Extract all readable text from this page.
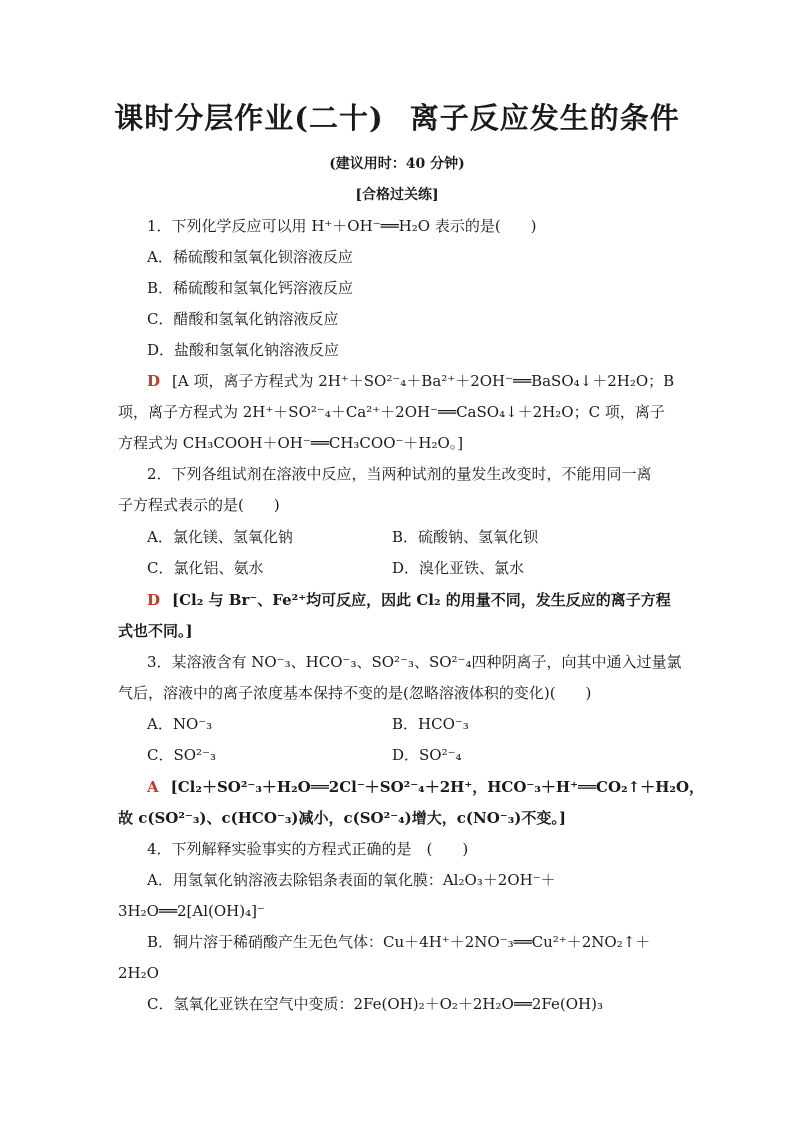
课时分层作业(二十) 离子反应发生的条件
(建议用时：40 分钟)
[合格过关练]
1．下列化学反应可以用 H⁺＋OH⁻══H₂O 表示的是(　　)
A．稀硫酸和氢氧化钡溶液反应
B．稀硫酸和氢氧化钙溶液反应
C．醋酸和氢氧化钠溶液反应
D．盐酸和氢氧化钠溶液反应
D [A 项，离子方程式为 2H⁺＋SO²⁻₄＋Ba²⁺＋2OH⁻══BaSO₄↓＋2H₂O；B
项，离子方程式为 2H⁺＋SO²⁻₄＋Ca²⁺＋2OH⁻══CaSO₄↓＋2H₂O；C 项，离子
方程式为 CH₃COOH＋OH⁻══CH₃COO⁻＋H₂O。]
2．下列各组试剂在溶液中反应，当两种试剂的量发生改变时，不能用同一离
子方程式表示的是(　　)
A．氯化镁、氢氧化钠	B．硫酸钠、氢氧化钡
C．氯化铝、氨水	D．溴化亚铁、氯水
D [Cl₂ 与 Br⁻、Fe²⁺均可反应，因此 Cl₂ 的用量不同，发生反应的离子方程
式也不同。]
3．某溶液含有 NO⁻₃、HCO⁻₃、SO²⁻₃、SO²⁻₄四种阴离子，向其中通入过量氯
气后，溶液中的离子浓度基本保持不变的是(忽略溶液体积的变化)(　　)
A．NO⁻₃	B．HCO⁻₃
C．SO²⁻₃	D．SO²⁻₄
A [Cl₂＋SO²⁻₃＋H₂O══2Cl⁻＋SO²⁻₄＋2H⁺，HCO⁻₃＋H⁺══CO₂↑＋H₂O，
故 c(SO²⁻₃)、c(HCO⁻₃)减小，c(SO²⁻₄)增大，c(NO⁻₃)不变。]
4．下列解释实验事实的方程式正确的是　(　　)
A．用氢氧化钠溶液去除铝条表面的氧化膜：Al₂O₃＋2OH⁻＋
3H₂O══2[Al(OH)₄]⁻
B．铜片溶于稀硝酸产生无色气体：Cu＋4H⁺＋2NO⁻₃══Cu²⁺＋2NO₂↑＋
2H₂O
C．氢氧化亚铁在空气中变质：2Fe(OH)₂＋O₂＋2H₂O══2Fe(OH)₃
